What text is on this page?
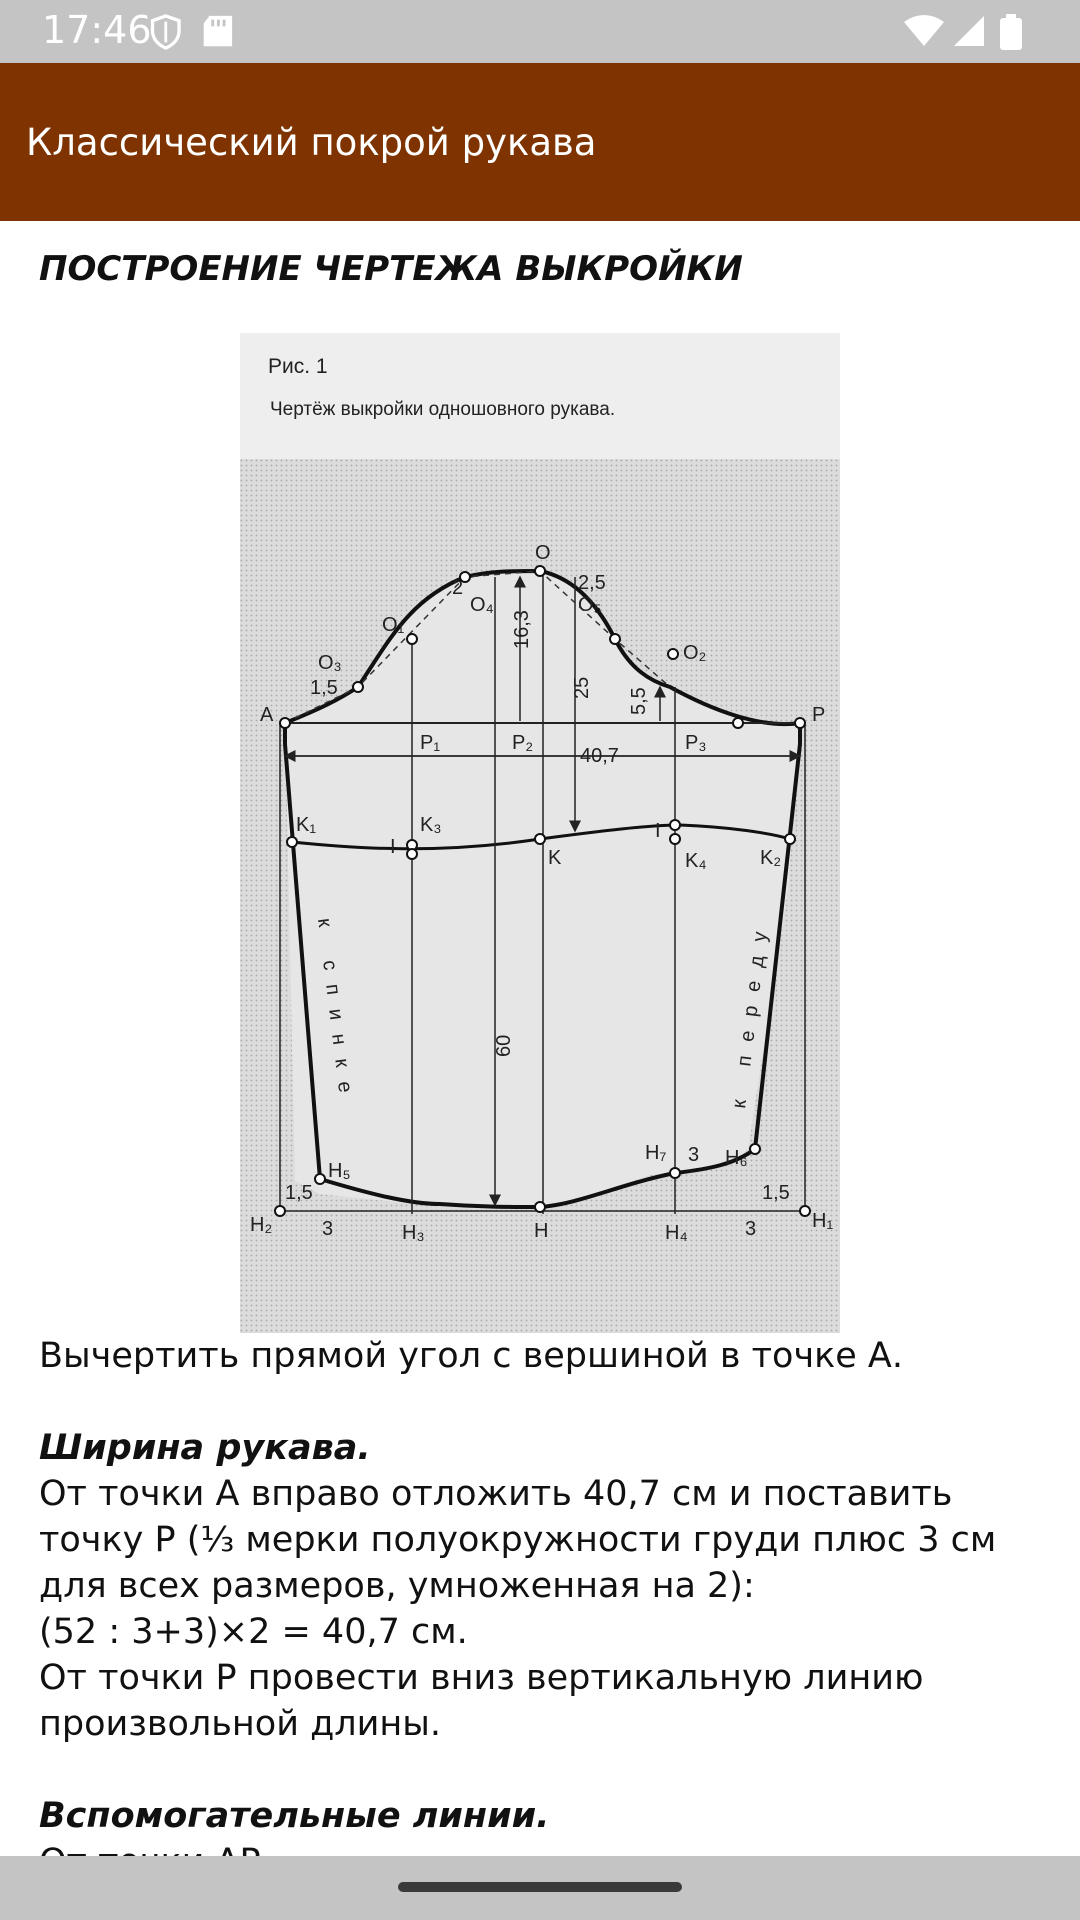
17:46
Классический покрой рукава
ПОСТРОЕНИЕ ЧЕРТЕЖА ВЫКРОЙКИ
Рис. 1
Чертёж выкройки одношовного рукава.
O
A	P
O₁
O₂
O₃
O₄	O₅
2	2,5
1,5
P₁	P₂	P₃
40,7
16,3
25 5,5
60
K₁	K₃
K	K₄	K₂
I
I
к спинке	к переду
H₇ 3 H₆
1,5
H₅
1,5
H₂ 3	H₃	H	H₄	3	H₁
Вычертить прямой угол с вершиной в точке А.
Ширина рукава.
От точки А вправо отложить 40,7 см и поставить
точку Р (⅓ мерки полуокружности груди плюс 3 см
для всех размеров, умноженная на 2):
(52 : 3+3)×2 = 40,7 см.
От точки Р провести вниз вертикальную линию
произвольной длины.
Вспомогательные линии.
